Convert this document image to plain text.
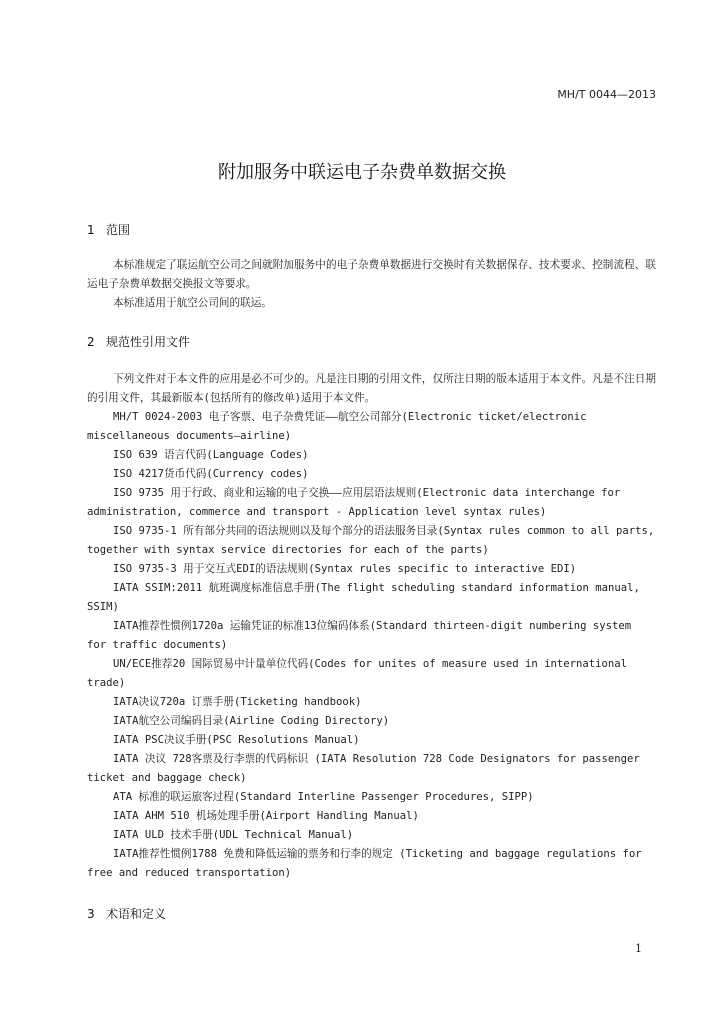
MH/T 0044—2013
附加服务中联运电子杂费单数据交换
1 范围

本标准规定了联运航空公司之间就附加服务中的电子杂费单数据进行交换时有关数据保存、技术要求、控制流程、联运电子杂费单数据交换报文等要求。

本标准适用于航空公司间的联运。

2 规范性引用文件

下列文件对于本文件的应用是必不可少的。凡是注日期的引用文件，仅所注日期的版本适用于本文件。凡是不注日期的引用文件，其最新版本(包括所有的修改单)适用于本文件。

MH/T 0024-2003 电子客票、电子杂费凭证——航空公司部分(Electronic ticket/electronic miscellaneous documents—airline)
ISO 639 语言代码(Language Codes)
ISO 4217货币代码(Currency codes)
ISO 9735 用于行政、商业和运输的电子交换——应用层语法规则(Electronic data interchange for administration, commerce and transport - Application level syntax rules)
ISO 9735-1 所有部分共同的语法规则以及每个部分的语法服务目录(Syntax rules common to all parts, together with syntax service directories for each of the parts)
ISO 9735-3 用于交互式EDI的语法规则(Syntax rules specific to interactive EDI)
IATA SSIM:2011 航班调度标准信息手册(The flight scheduling standard information manual, SSIM)
IATA推荐性惯例1720a 运输凭证的标准13位编码体系(Standard thirteen-digit numbering system for traffic documents)
UN/ECE推荐20 国际贸易中计量单位代码(Codes for unites of measure used in international trade)
IATA决议720a 订票手册(Ticketing handbook)
IATA航空公司编码目录(Airline Coding Directory)
IATA PSC决议手册(PSC Resolutions Manual)
IATA 决议 728客票及行李票的代码标识 (IATA Resolution 728 Code Designators for passenger ticket and baggage check)
ATA 标准的联运旅客过程(Standard Interline Passenger Procedures, SIPP)
IATA AHM 510 机场处理手册(Airport Handling Manual)
IATA ULD 技术手册(UDL Technical Manual)
IATA推荐性惯例1788 免费和降低运输的票务和行李的规定 (Ticketing and baggage regulations for free and reduced transportation)
3 术语和定义
1
